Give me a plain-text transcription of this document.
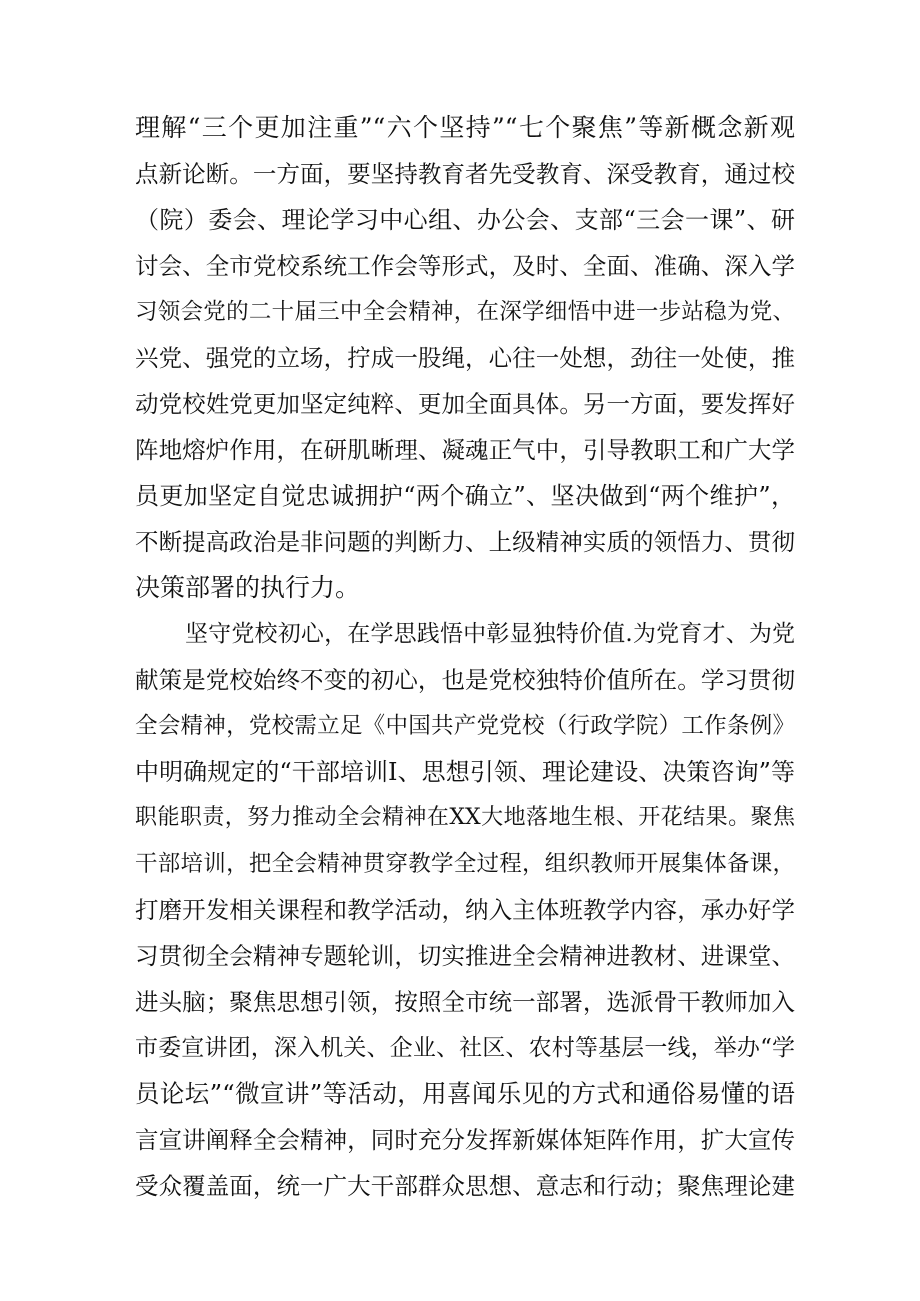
理解“三个更加注重”“六个坚持”“七个聚焦”等新概念新观
点新论断。一方面，要坚持教育者先受教育、深受教育，通过校
（院）委会、理论学习中心组、办公会、支部“三会一课”、研
讨会、全市党校系统工作会等形式，及时、全面、准确、深入学
习领会党的二十届三中全会精神，在深学细悟中进一步站稳为党、
兴党、强党的立场，拧成一股绳，心往一处想，劲往一处使，推
动党校姓党更加坚定纯粹、更加全面具体。另一方面，要发挥好
阵地熔炉作用，在研肌晰理、凝魂正气中，引导教职工和广大学
员更加坚定自觉忠诚拥护“两个确立”、坚决做到“两个维护”，
不断提高政治是非问题的判断力、上级精神实质的领悟力、贯彻
决策部署的执行力。
坚守党校初心，在学思践悟中彰显独特价值.为党育才、为党
献策是党校始终不变的初心，也是党校独特价值所在。学习贯彻
全会精神，党校需立足《中国共产党党校（行政学院）工作条例》
中明确规定的“干部培训I、思想引领、理论建设、决策咨询”等
职能职责，努力推动全会精神在XX大地落地生根、开花结果。聚焦
干部培训，把全会精神贯穿教学全过程，组织教师开展集体备课，
打磨开发相关课程和教学活动，纳入主体班教学内容，承办好学
习贯彻全会精神专题轮训，切实推进全会精神进教材、进课堂、
进头脑；聚焦思想引领，按照全市统一部署，选派骨干教师加入
市委宣讲团，深入机关、企业、社区、农村等基层一线，举办“学
员论坛”“微宣讲”等活动，用喜闻乐见的方式和通俗易懂的语
言宣讲阐释全会精神，同时充分发挥新媒体矩阵作用，扩大宣传
受众覆盖面，统一广大干部群众思想、意志和行动；聚焦理论建
